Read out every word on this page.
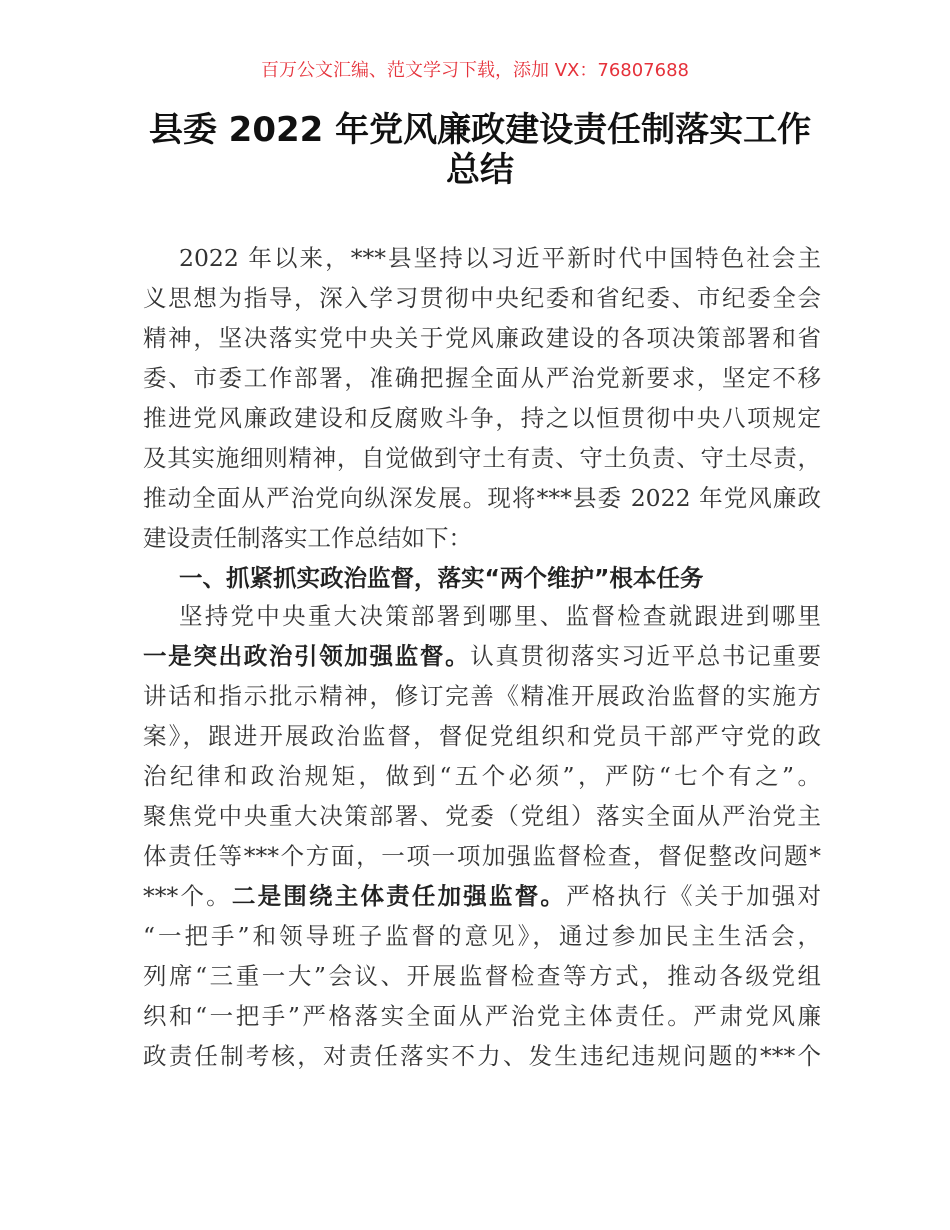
百万公文汇编、范文学习下载，添加 VX：76807688
县委 2022 年党风廉政建设责任制落实工作
总结
2022 年以来，***县坚持以习近平新时代中国特色社会主
义思想为指导，深入学习贯彻中央纪委和省纪委、市纪委全会
精神，坚决落实党中央关于党风廉政建设的各项决策部署和省
委、市委工作部署，准确把握全面从严治党新要求，坚定不移
推进党风廉政建设和反腐败斗争，持之以恒贯彻中央八项规定
及其实施细则精神，自觉做到守土有责、守土负责、守土尽责，
推动全面从严治党向纵深发展。现将***县委 2022 年党风廉政
建设责任制落实工作总结如下：
一、抓紧抓实政治监督，落实“两个维护”根本任务
坚持党中央重大决策部署到哪里、监督检查就跟进到哪里
一是突出政治引领加强监督。认真贯彻落实习近平总书记重要
讲话和指示批示精神，修订完善《精准开展政治监督的实施方
案》，跟进开展政治监督，督促党组织和党员干部严守党的政
治纪律和政治规矩，做到“五个必须”，严防“七个有之”。
聚焦党中央重大决策部署、党委（党组）落实全面从严治党主
体责任等***个方面，一项一项加强监督检查，督促整改问题*
***个。二是围绕主体责任加强监督。严格执行《关于加强对
“一把手”和领导班子监督的意见》，通过参加民主生活会，
列席“三重一大”会议、开展监督检查等方式，推动各级党组
织和“一把手”严格落实全面从严治党主体责任。严肃党风廉
政责任制考核，对责任落实不力、发生违纪违规问题的***个
